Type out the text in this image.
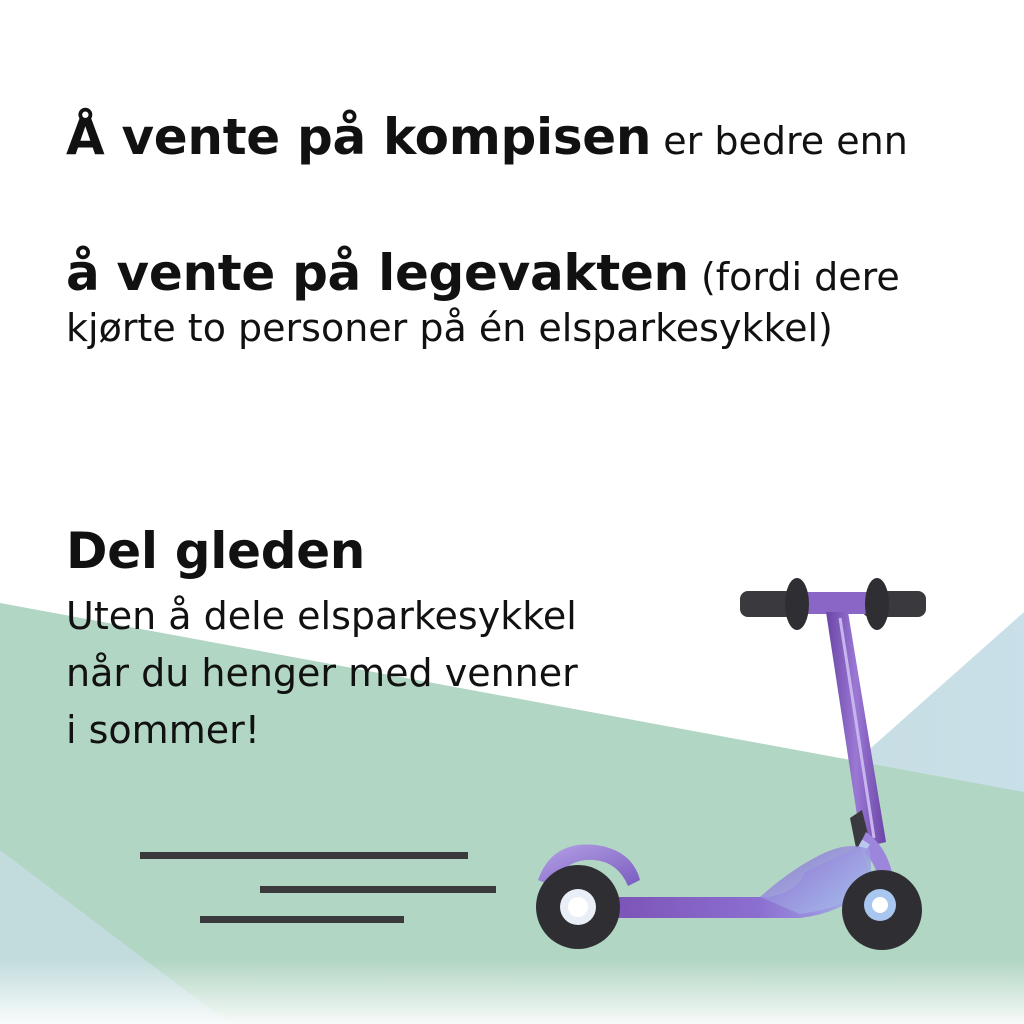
Å vente på kompisen er bedre enn

å vente på legevakten (fordi dere

kjørte to personer på én elsparkesykkel)

Del gleden

Uten å dele elsparkesykkel
når du henger med venner
i sommer!
